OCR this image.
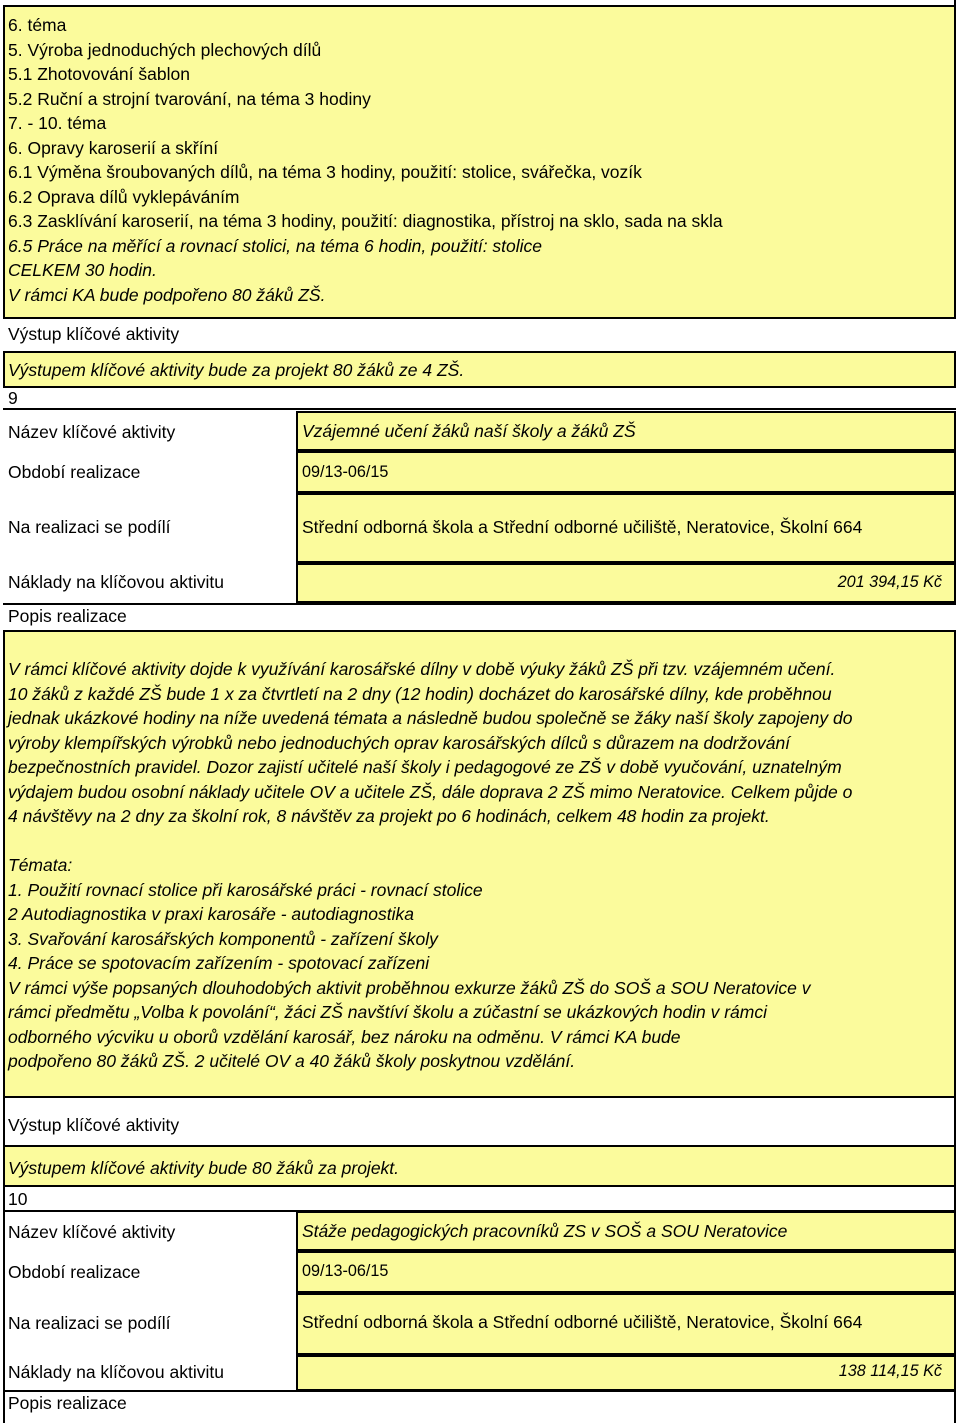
6. téma
5. Výroba jednoduchých plechových dílů
5.1 Zhotovování šablon
5.2 Ruční a strojní tvarování, na téma 3 hodiny
7. - 10. téma
6. Opravy karoserií a skříní
6.1 Výměna šroubovaných dílů, na téma 3 hodiny, použití: stolice, svářečka, vozík
6.2 Oprava dílů vyklepáváním
6.3 Zasklívání karoserií, na téma 3 hodiny, použití: diagnostika, přístroj na sklo, sada na skla
6.5 Práce na měřící a rovnací stolici, na téma 6 hodin, použití: stolice
CELKEM 30 hodin.
V rámci KA bude podpořeno 80 žáků ZŠ.
Výstup klíčové aktivity
Výstupem klíčové aktivity bude za projekt 80 žáků ze 4 ZŠ.
9
Název klíčové aktivity	Vzájemné učení žáků naší školy a žáků ZŠ
Období realizace	09/13-06/15
Na realizaci se podílí	Střední odborná škola a Střední odborné učiliště, Neratovice, Školní 664
Náklady na klíčovou aktivitu	201 394,15 Kč
Popis realizace
V rámci klíčové aktivity dojde k využívání karosářské dílny v době výuky žáků ZŠ při tzv. vzájemném učení.
10 žáků z každé ZŠ bude 1 x za čtvrtletí na 2 dny (12 hodin) docházet do karosářské dílny, kde proběhnou
jednak ukázkové hodiny na níže uvedená témata a následně budou společně se žáky naší školy zapojeny do
výroby klempířských výrobků nebo jednoduchých oprav karosářských dílců s důrazem na dodržování
bezpečnostních pravidel. Dozor zajistí učitelé naší školy i pedagogové ze ZŠ v době vyučování, uznatelným
výdajem budou osobní náklady učitele OV a učitele ZŠ, dále doprava 2 ZŠ mimo Neratovice. Celkem půjde o
4 návštěvy na 2 dny za školní rok, 8 návštěv za projekt po 6 hodinách, celkem 48 hodin za projekt.
Témata:
1. Použití rovnací stolice při karosářské práci - rovnací stolice
2 Autodiagnostika v praxi karosáře - autodiagnostika
3. Svařování karosářských komponentů - zařízení školy
4. Práce se spotovacím zařízením - spotovací zařízeni
V rámci výše popsaných dlouhodobých aktivit proběhnou exkurze žáků ZŠ do SOŠ a SOU Neratovice v
rámci předmětu „Volba k povolání“, žáci ZŠ navštíví školu a zúčastní se ukázkových hodin v rámci
odborného výcviku u oborů vzdělání karosář, bez nároku na odměnu. V rámci KA bude
podpořeno 80 žáků ZŠ. 2 učitelé OV a 40 žáků školy poskytnou vzdělání.
Výstup klíčové aktivity
Výstupem klíčové aktivity bude 80 žáků za projekt.
10
Název klíčové aktivity	Stáže pedagogických pracovníků ZS v SOŠ a SOU Neratovice
Období realizace	09/13-06/15
Na realizaci se podílí	Střední odborná škola a Střední odborné učiliště, Neratovice, Školní 664
Náklady na klíčovou aktivitu	138 114,15 Kč
Popis realizace
